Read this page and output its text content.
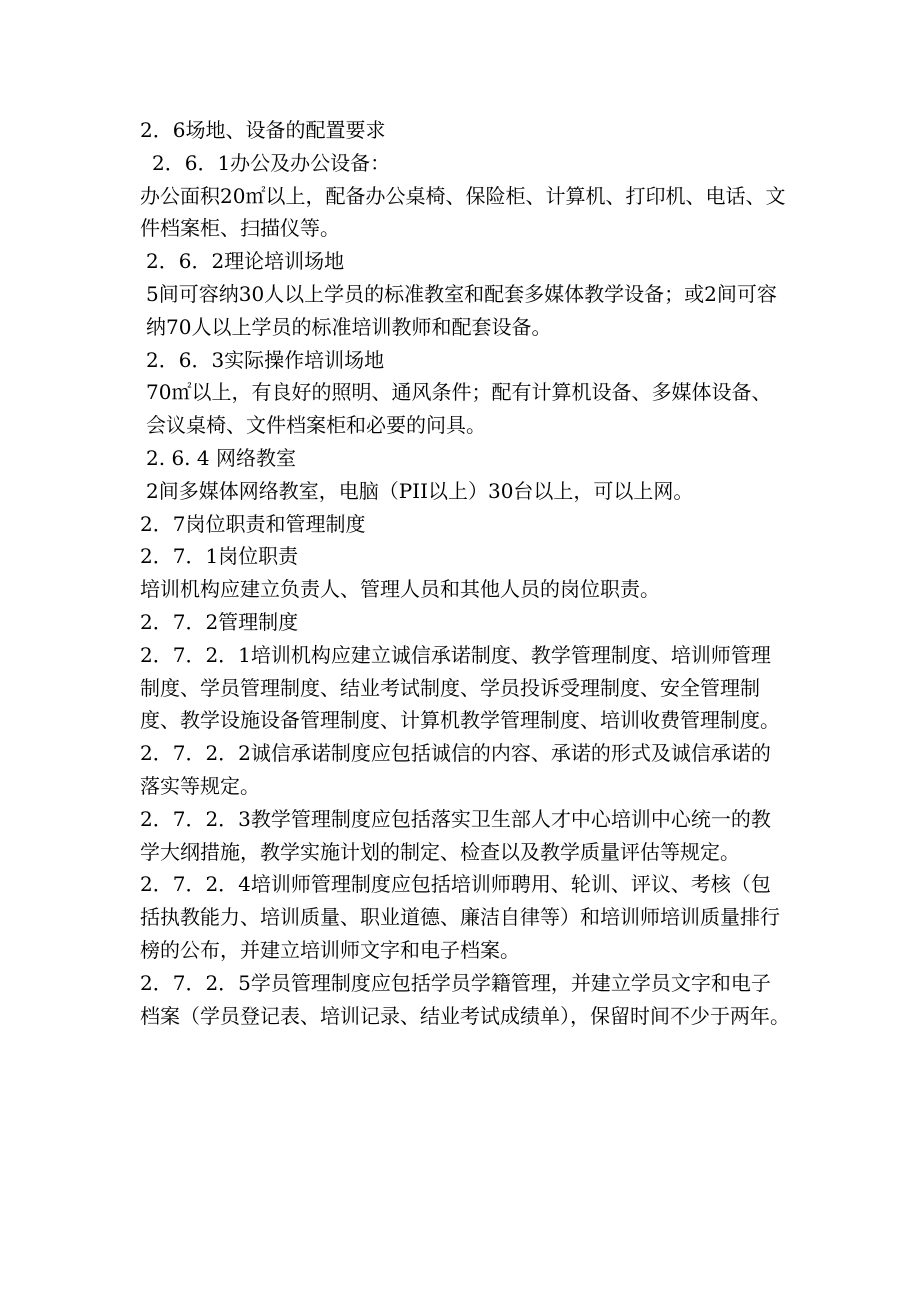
2．6场地、设备的配置要求

2．6．1办公及办公设备：

办公面积20㎡以上，配备办公桌椅、保险柜、计算机、打印机、电话、文件档案柜、扫描仪等。

2．6．2理论培训场地

5间可容纳30人以上学员的标准教室和配套多媒体教学设备；或2间可容纳70人以上学员的标准培训教师和配套设备。

2．6．3实际操作培训场地

70㎡以上，有良好的照明、通风条件；配有计算机设备、多媒体设备、会议桌椅、文件档案柜和必要的问具。

2. 6. 4 网络教室

2间多媒体网络教室，电脑（PII以上）30台以上，可以上网。

2．7岗位职责和管理制度

2．7．1岗位职责

培训机构应建立负责人、管理人员和其他人员的岗位职责。

2．7．2管理制度

2．7．2．1培训机构应建立诚信承诺制度、教学管理制度、培训师管理制度、学员管理制度、结业考试制度、学员投诉受理制度、安全管理制度、教学设施设备管理制度、计算机教学管理制度、培训收费管理制度。

2．7．2．2诚信承诺制度应包括诚信的内容、承诺的形式及诚信承诺的落实等规定。

2．7．2．3教学管理制度应包括落实卫生部人才中心培训中心统一的教学大纲措施，教学实施计划的制定、检查以及教学质量评估等规定。

2．7．2．4培训师管理制度应包括培训师聘用、轮训、评议、考核（包括执教能力、培训质量、职业道德、廉洁自律等）和培训师培训质量排行榜的公布，并建立培训师文字和电子档案。

2．7．2．5学员管理制度应包括学员学籍管理，并建立学员文字和电子档案（学员登记表、培训记录、结业考试成绩单），保留时间不少于两年。
